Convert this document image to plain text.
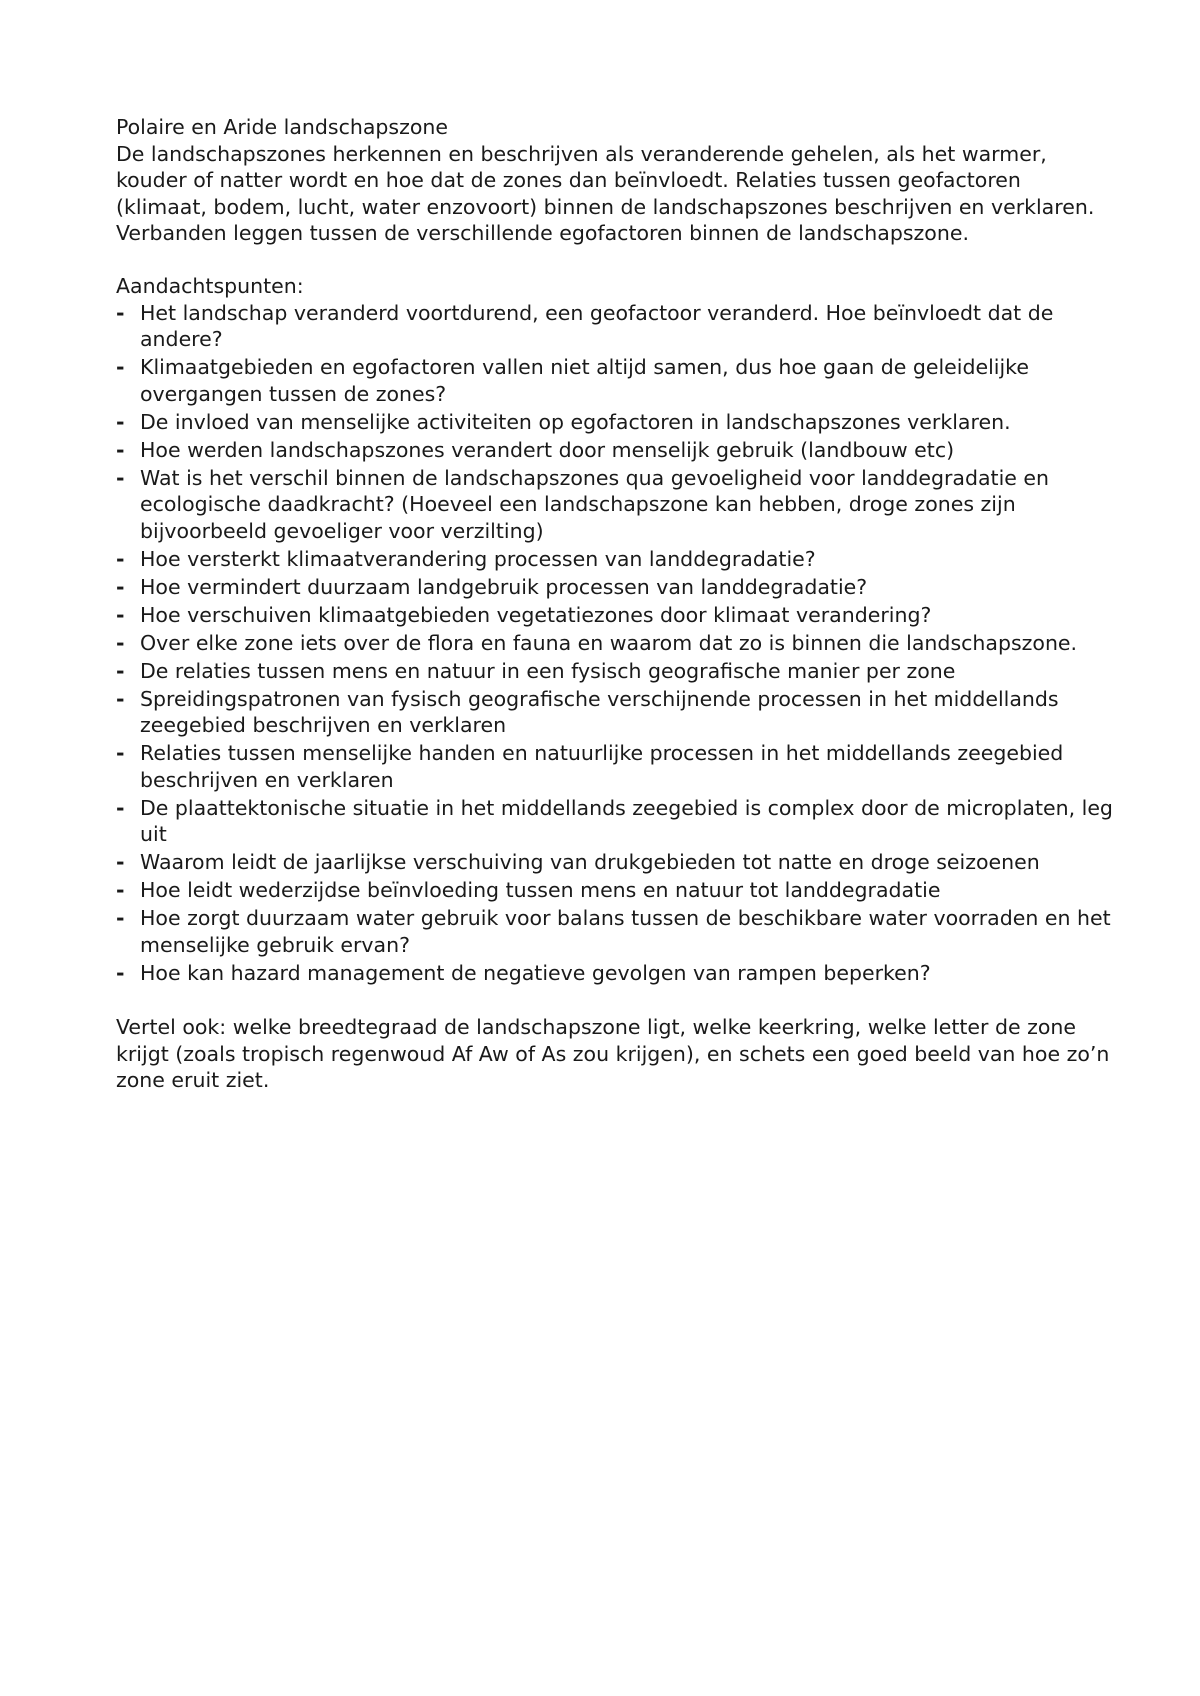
Polaire en Aride landschapszone

De landschapszones herkennen en beschrijven als veranderende gehelen, als het warmer, kouder of natter wordt en hoe dat de zones dan beïnvloedt. Relaties tussen geofactoren (klimaat, bodem, lucht, water enzovoort) binnen de landschapszones beschrijven en verklaren. Verbanden leggen tussen de verschillende egofactoren binnen de landschapszone.

Aandachtspunten:

- Het landschap veranderd voortdurend, een geofactoor veranderd. Hoe beïnvloedt dat de andere?
- Klimaatgebieden en egofactoren vallen niet altijd samen, dus hoe gaan de geleidelijke overgangen tussen de zones?
- De invloed van menselijke activiteiten op egofactoren in landschapszones verklaren.
- Hoe werden landschapszones verandert door menselijk gebruik (landbouw etc)
- Wat is het verschil binnen de landschapszones qua gevoeligheid voor landdegradatie en ecologische daadkracht? (Hoeveel een landschapszone kan hebben, droge zones zijn bijvoorbeeld gevoeliger voor verzilting)
- Hoe versterkt klimaatverandering processen van landdegradatie?
- Hoe vermindert duurzaam landgebruik processen van landdegradatie?
- Hoe verschuiven klimaatgebieden vegetatiezones door klimaat verandering?
- Over elke zone iets over de flora en fauna en waarom dat zo is binnen die landschapszone.
- De relaties tussen mens en natuur in een fysisch geografische manier per zone
- Spreidingspatronen van fysisch geografische verschijnende processen in het middellands zeegebied beschrijven en verklaren
- Relaties tussen menselijke handen en natuurlijke processen in het middellands zeegebied beschrijven en verklaren
- De plaattektonische situatie in het middellands zeegebied is complex door de microplaten, leg uit
- Waarom leidt de jaarlijkse verschuiving van drukgebieden tot natte en droge seizoenen
- Hoe leidt wederzijdse beïnvloeding tussen mens en natuur tot landdegradatie
- Hoe zorgt duurzaam water gebruik voor balans tussen de beschikbare water voorraden en het menselijke gebruik ervan?
- Hoe kan hazard management de negatieve gevolgen van rampen beperken?

Vertel ook: welke breedtegraad de landschapszone ligt, welke keerkring, welke letter de zone krijgt (zoals tropisch regenwoud Af Aw of As zou krijgen), en schets een goed beeld van hoe zo’n zone eruit ziet.
